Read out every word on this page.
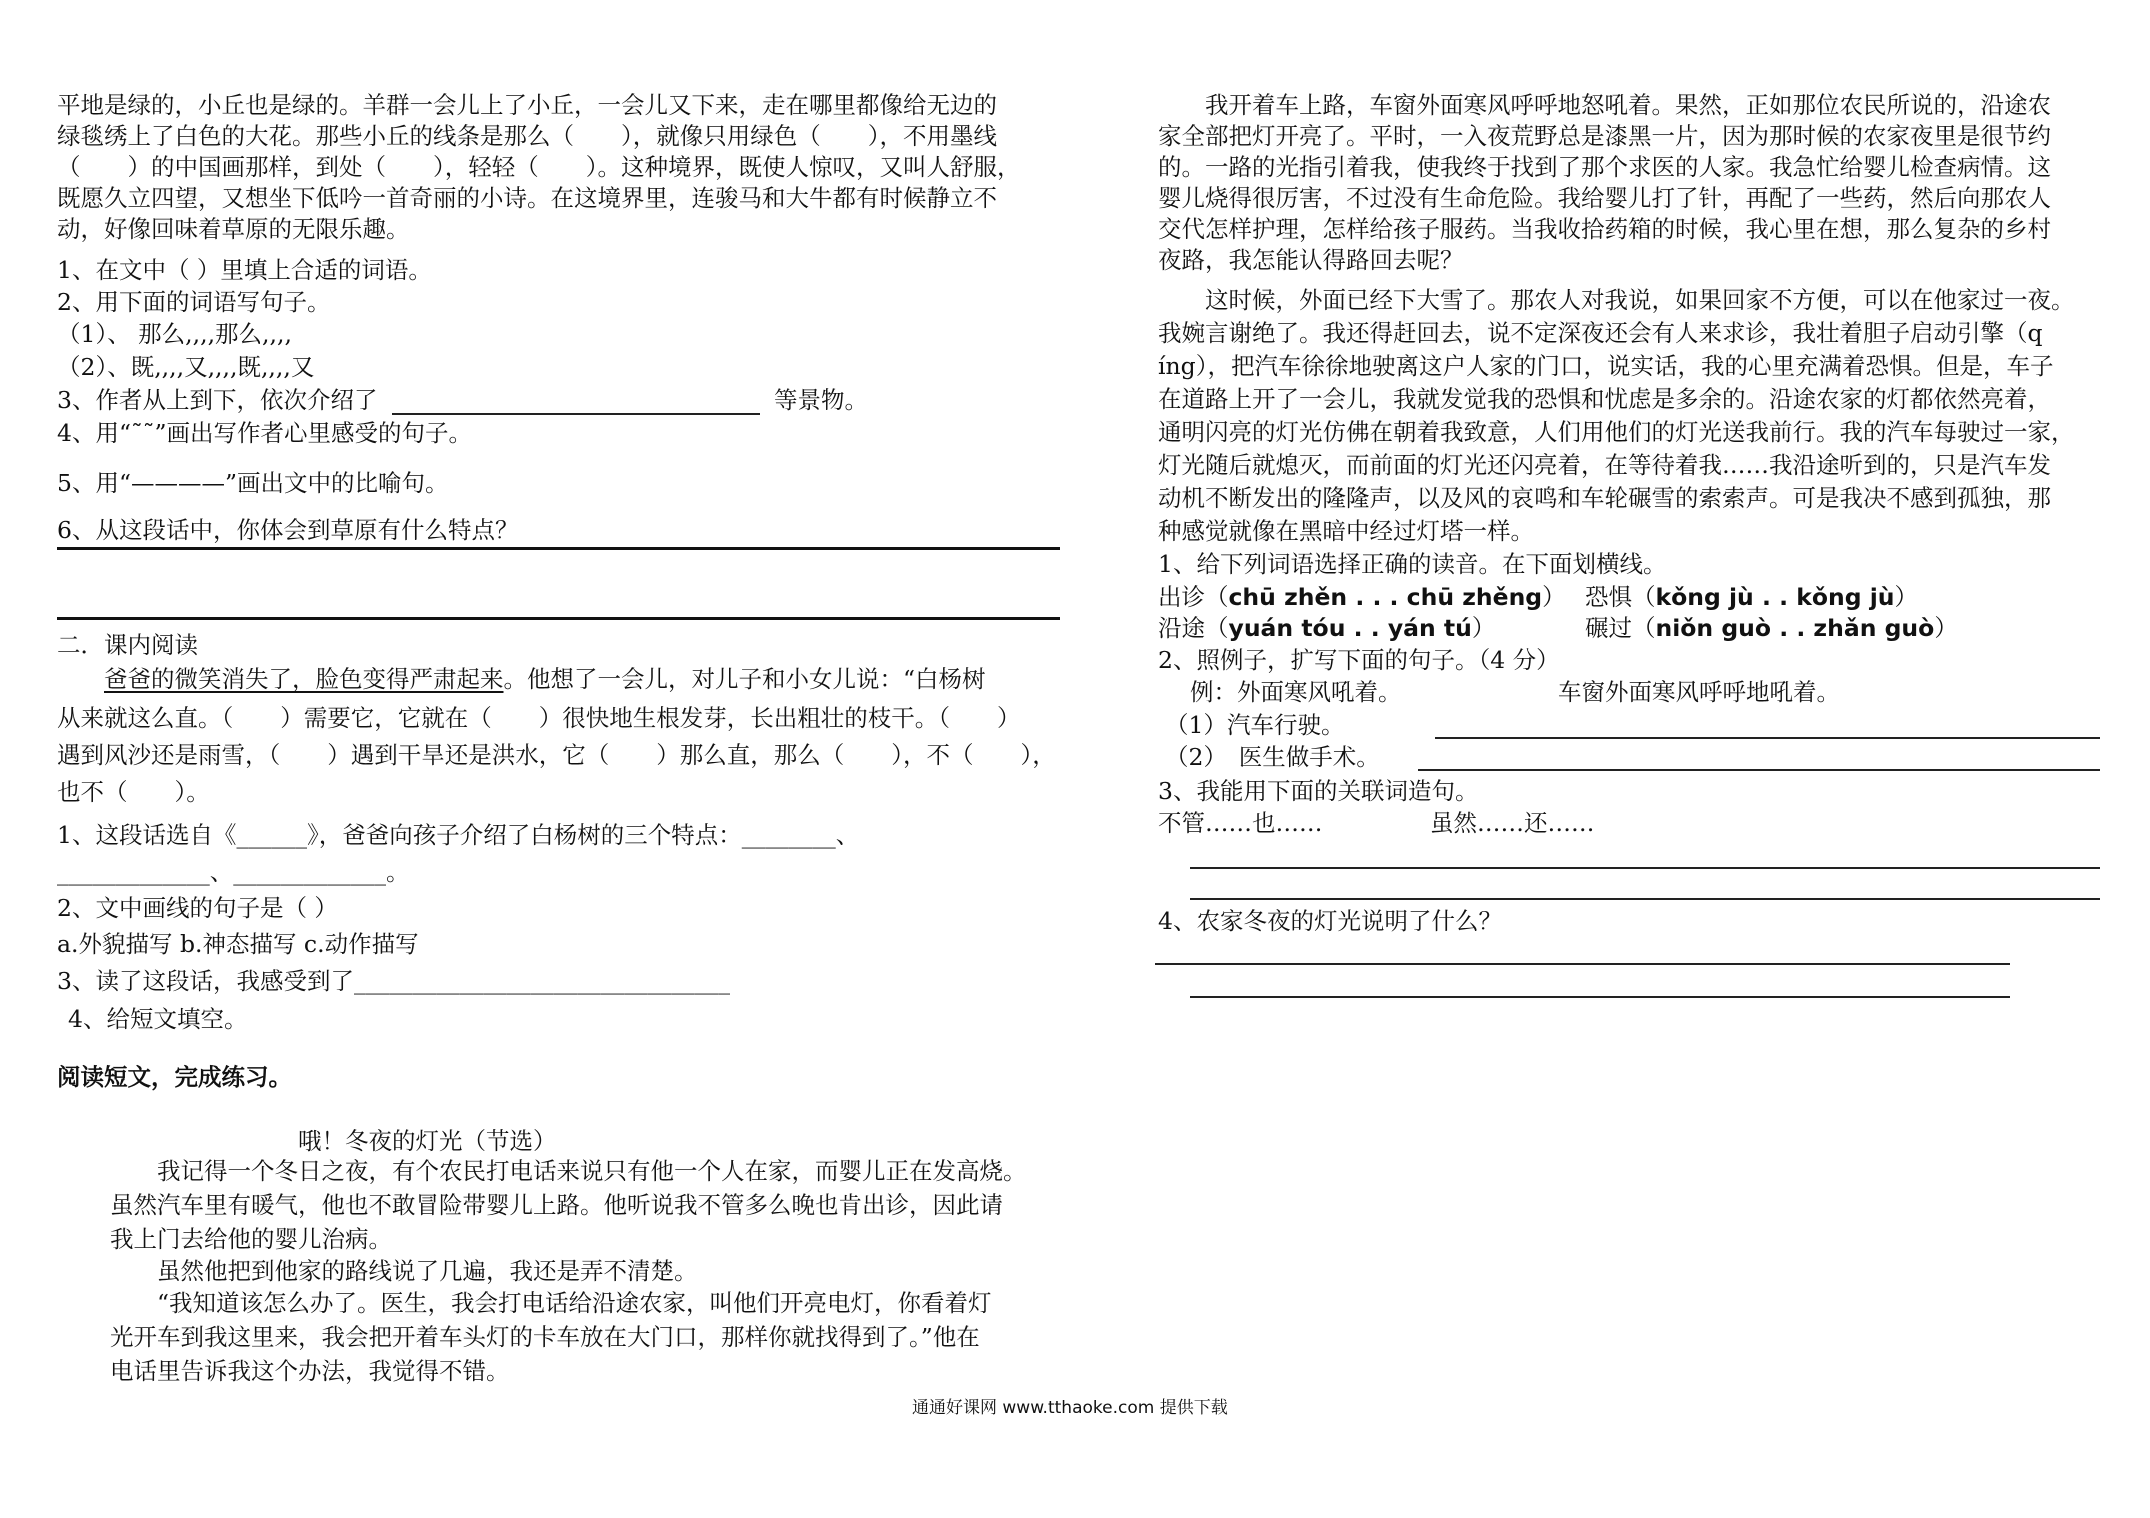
平地是绿的，小丘也是绿的。羊群一会儿上了小丘，一会儿又下来，走在哪里都像给无边的
绿毯绣上了白色的大花。那些小丘的线条是那么（　　），就像只用绿色（　　），不用墨线
（　　）的中国画那样，到处（　　），轻轻（　　）。这种境界，既使人惊叹，又叫人舒服，
既愿久立四望，又想坐下低吟一首奇丽的小诗。在这境界里，连骏马和大牛都有时候静立不
动，好像回味着草原的无限乐趣。
1、在文中（ ）里填上合适的词语。
2、用下面的词语写句子。
（1）、 那么,,,,那么,,,,
（2）、既,,,,又,,,,既,,,,又
3、作者从上到下，依次介绍了	等景物。
4、用“˜˜”画出写作者心里感受的句子。
5、用“————”画出文中的比喻句。
6、从这段话中，你体会到草原有什么特点？
二．课内阅读
　　爸爸的微笑消失了，脸色变得严肃起来。他想了一会儿，对儿子和小女儿说：“白杨树
从来就这么直。（　　）需要它，它就在（　　）很快地生根发芽，长出粗壮的枝干。（　　）
遇到风沙还是雨雪，（　　）遇到干旱还是洪水，它（　　）那么直，那么（　　），不（　　），
也不（　　）。
1、这段话选自《______》，爸爸向孩子介绍了白杨树的三个特点：________、
_____________、_____________。
2、文中画线的句子是（ ）
a.外貌描写 b.神态描写 c.动作描写
3、读了这段话，我感受到了________________________________
4、给短文填空。
阅读短文，完成练习。
哦！冬夜的灯光（节选）
　　我记得一个冬日之夜，有个农民打电话来说只有他一个人在家，而婴儿正在发高烧。
虽然汽车里有暖气，他也不敢冒险带婴儿上路。他听说我不管多么晚也肯出诊，因此请
我上门去给他的婴儿治病。
　　虽然他把到他家的路线说了几遍，我还是弄不清楚。
　　“我知道该怎么办了。医生，我会打电话给沿途农家，叫他们开亮电灯，你看着灯
光开车到我这里来，我会把开着车头灯的卡车放在大门口，那样你就找得到了。”他在
电话里告诉我这个办法，我觉得不错。
　　我开着车上路，车窗外面寒风呼呼地怒吼着。果然，正如那位农民所说的，沿途农
家全部把灯开亮了。平时，一入夜荒野总是漆黑一片，因为那时候的农家夜里是很节约
的。一路的光指引着我，使我终于找到了那个求医的人家。我急忙给婴儿检查病情。这
婴儿烧得很厉害，不过没有生命危险。我给婴儿打了针，再配了一些药，然后向那农人
交代怎样护理，怎样给孩子服药。当我收拾药箱的时候，我心里在想，那么复杂的乡村
夜路，我怎能认得路回去呢？
　　这时候，外面已经下大雪了。那农人对我说，如果回家不方便，可以在他家过一夜。
我婉言谢绝了。我还得赶回去，说不定深夜还会有人来求诊，我壮着胆子启动引擎（q
íng），把汽车徐徐地驶离这户人家的门口，说实话，我的心里充满着恐惧。但是，车子
在道路上开了一会儿，我就发觉我的恐惧和忧虑是多余的。沿途农家的灯都依然亮着，
通明闪亮的灯光仿佛在朝着我致意，人们用他们的灯光送我前行。我的汽车每驶过一家，
灯光随后就熄灭，而前面的灯光还闪亮着，在等待着我……我沿途听到的，只是汽车发
动机不断发出的隆隆声，以及风的哀鸣和车轮碾雪的索索声。可是我决不感到孤独，那
种感觉就像在黑暗中经过灯塔一样。
1、给下列词语选择正确的读音。在下面划横线。
出诊（chū zhěn . . . chū zhěng） 恐惧（kǒng jù . . kǒng jù）
沿途（yuán tóu . . yán tú）	碾过（niǒn guò . . zhǎn guò）
2、照例子，扩写下面的句子。（4 分）
例：外面寒风吼着。	车窗外面寒风呼呼地吼着。
（1）汽车行驶。
（2）　医生做手术。
3、我能用下面的关联词造句。
不管……也……	虽然……还……
4、农家冬夜的灯光说明了什么？
通通好课网 www.tthaoke.com 提供下载
